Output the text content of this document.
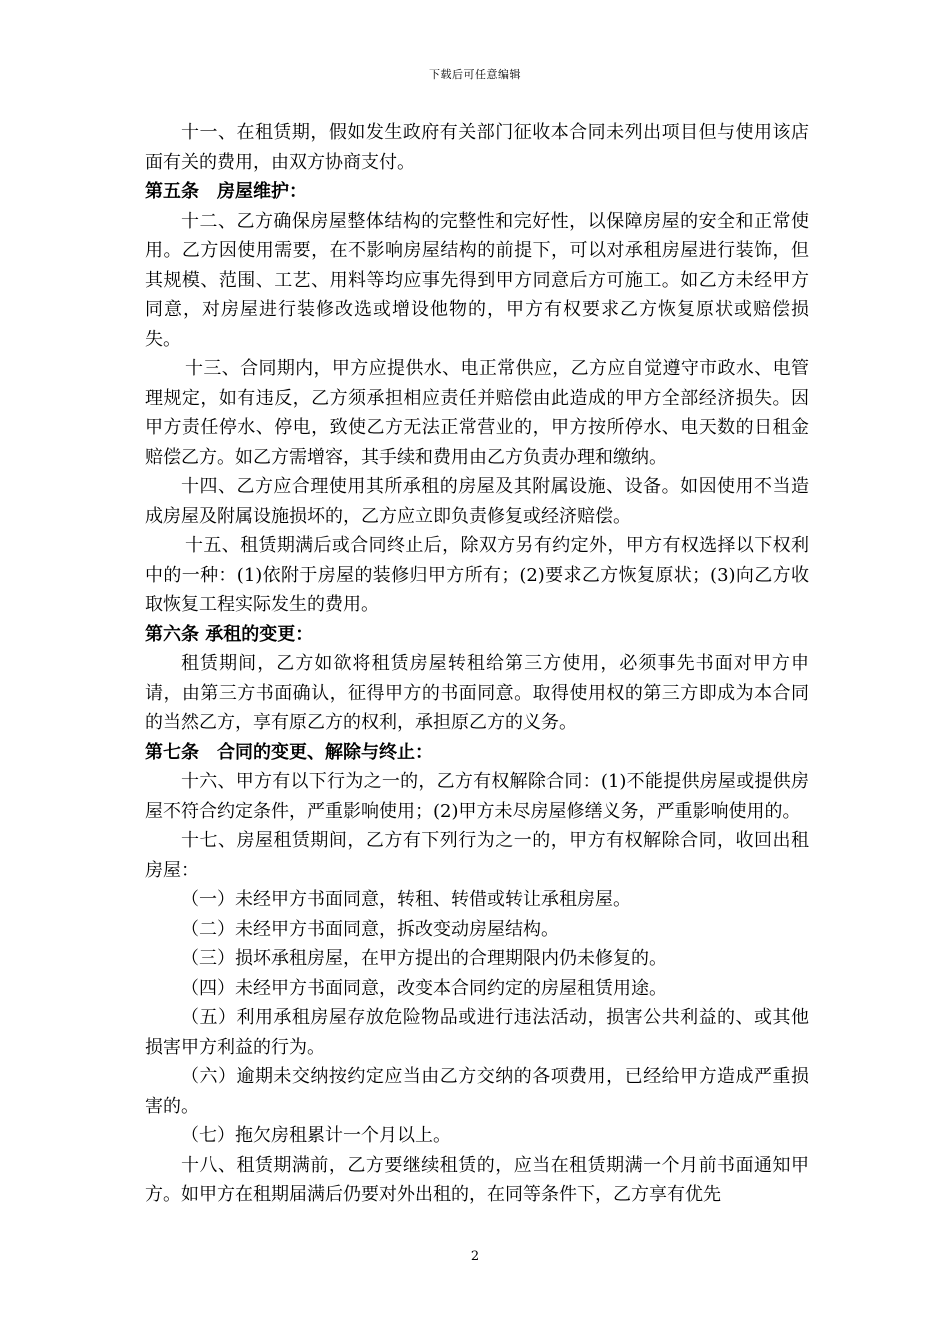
下载后可任意编辑

十一、在租赁期，假如发生政府有关部门征收本合同未列出项目但与使用该店面有关的费用，由双方协商支付。

第五条　房屋维护：

十二、乙方确保房屋整体结构的完整性和完好性，以保障房屋的安全和正常使用。乙方因使用需要，在不影响房屋结构的前提下，可以对承租房屋进行装饰，但其规模、范围、工艺、用料等均应事先得到甲方同意后方可施工。如乙方未经甲方同意，对房屋进行装修改选或增设他物的，甲方有权要求乙方恢复原状或赔偿损失。

十三、合同期内，甲方应提供水、电正常供应，乙方应自觉遵守市政水、电管理规定，如有违反，乙方须承担相应责任并赔偿由此造成的甲方全部经济损失。因甲方责任停水、停电，致使乙方无法正常营业的，甲方按所停水、电天数的日租金赔偿乙方。如乙方需增容，其手续和费用由乙方负责办理和缴纳。

十四、乙方应合理使用其所承租的房屋及其附属设施、设备。如因使用不当造成房屋及附属设施损坏的，乙方应立即负责修复或经济赔偿。

十五、租赁期满后或合同终止后，除双方另有约定外，甲方有权选择以下权利中的一种：(1)依附于房屋的装修归甲方所有；(2)要求乙方恢复原状；(3)向乙方收取恢复工程实际发生的费用。

第六条 承租的变更：

租赁期间，乙方如欲将租赁房屋转租给第三方使用，必须事先书面对甲方申请，由第三方书面确认，征得甲方的书面同意。取得使用权的第三方即成为本合同的当然乙方，享有原乙方的权利，承担原乙方的义务。

第七条　合同的变更、解除与终止：

十六、甲方有以下行为之一的，乙方有权解除合同：(1)不能提供房屋或提供房屋不符合约定条件，严重影响使用；(2)甲方未尽房屋修缮义务，严重影响使用的。

十七、房屋租赁期间，乙方有下列行为之一的，甲方有权解除合同，收回出租房屋：

（一）未经甲方书面同意，转租、转借或转让承租房屋。

（二）未经甲方书面同意，拆改变动房屋结构。

（三）损坏承租房屋，在甲方提出的合理期限内仍未修复的。

（四）未经甲方书面同意，改变本合同约定的房屋租赁用途。

（五）利用承租房屋存放危险物品或进行违法活动，损害公共利益的、或其他损害甲方利益的行为。

（六）逾期未交纳按约定应当由乙方交纳的各项费用，已经给甲方造成严重损害的。

（七）拖欠房租累计一个月以上。

十八、租赁期满前，乙方要继续租赁的，应当在租赁期满一个月前书面通知甲方。如甲方在租期届满后仍要对外出租的，在同等条件下，乙方享有优先

2
